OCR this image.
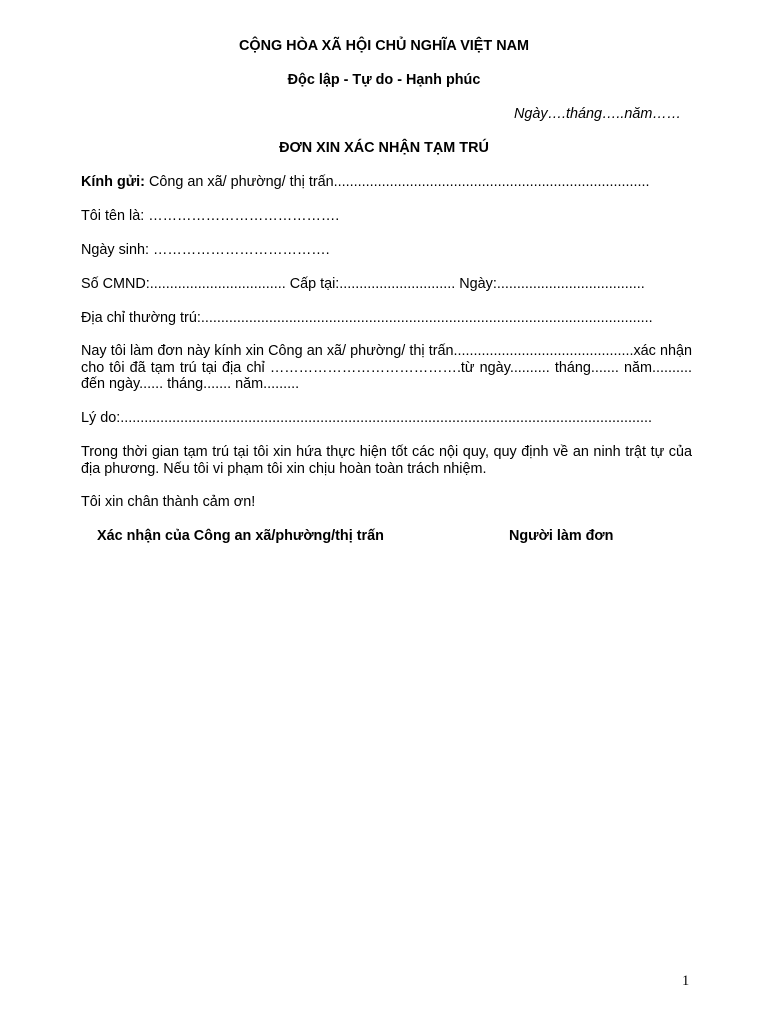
CỘNG HÒA XÃ HỘI CHỦ NGHĨA VIỆT NAM
Độc lập - Tự do - Hạnh phúc
Ngày….tháng…..năm……
ĐƠN XIN XÁC NHẬN TẠM TRÚ
Kính gửi: Công an xã/ phường/ thị trấn...............................................................................
Tôi tên là: ………………………………….
Ngày sinh: ……………………………….
Số CMND:.................................. Cấp tại:............................. Ngày:.....................................
Địa chỉ thường trú:.................................................................................................................
Nay tôi làm đơn này kính xin Công an xã/ phường/ thị trấn.............................................xác nhận cho tôi đã tạm trú tại địa chỉ ………………………………….từ ngày.......... tháng....... năm.......... đến ngày...... tháng....... năm.........
Lý do:.....................................................................................................................................
Trong thời gian tạm trú tại tôi xin hứa thực hiện tốt các nội quy, quy định về an ninh trật tự của địa phương. Nếu tôi vi phạm tôi xin chịu hoàn toàn trách nhiệm.
Tôi xin chân thành cảm ơn!
Xác nhận của Công an xã/phường/thị trấn	Người làm đơn
1
